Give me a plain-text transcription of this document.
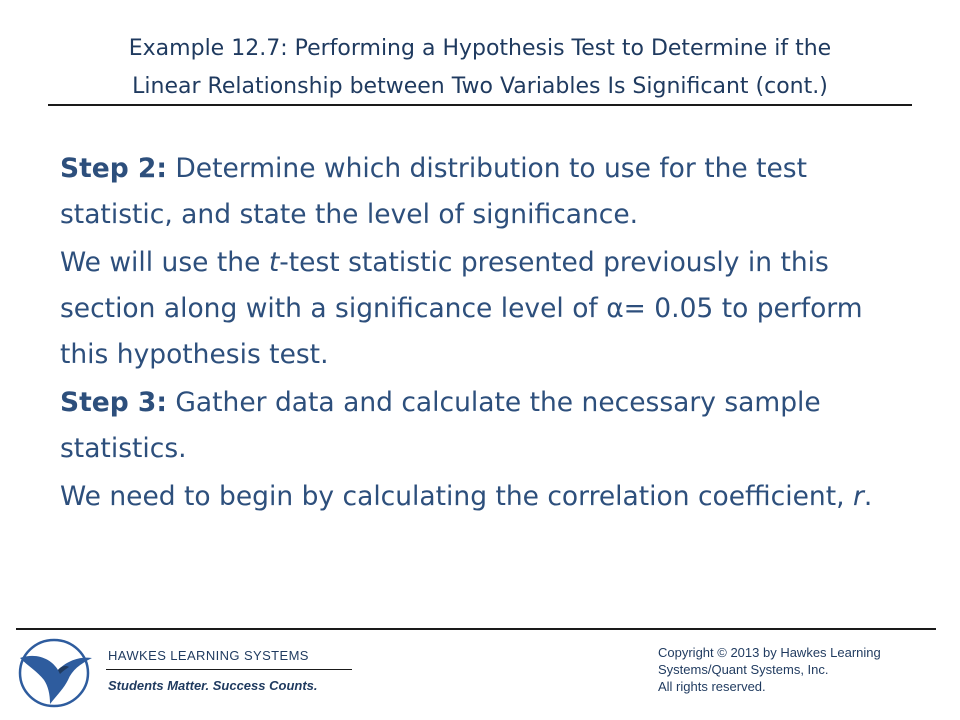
Example 12.7: Performing a Hypothesis Test to Determine if the
Linear Relationship between Two Variables Is Significant (cont.)

Step 2: Determine which distribution to use for the test statistic, and state the level of significance.

We will use the t-test statistic presented previously in this section along with a significance level of α= 0.05 to perform this hypothesis test.

Step 3: Gather data and calculate the necessary sample statistics.

We need to begin by calculating the correlation coefficient, r.

HAWKES LEARNING SYSTEMS
Students Matter. Success Counts.
Copyright © 2013 by Hawkes Learning
Systems/Quant Systems, Inc.
All rights reserved.
